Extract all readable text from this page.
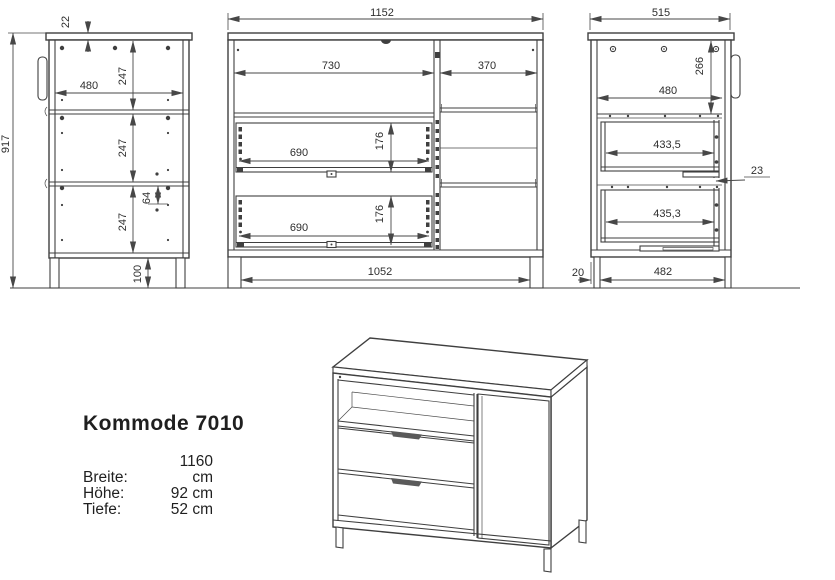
917
22
480
247
247
247
64
100
1152
730	370
690
176
690
176
1052
515
266
480
433,5
23
435,3
20	482
Kommode 7010
Breite:1160 cm
Höhe:	92 cm
Tiefe:	52 cm
